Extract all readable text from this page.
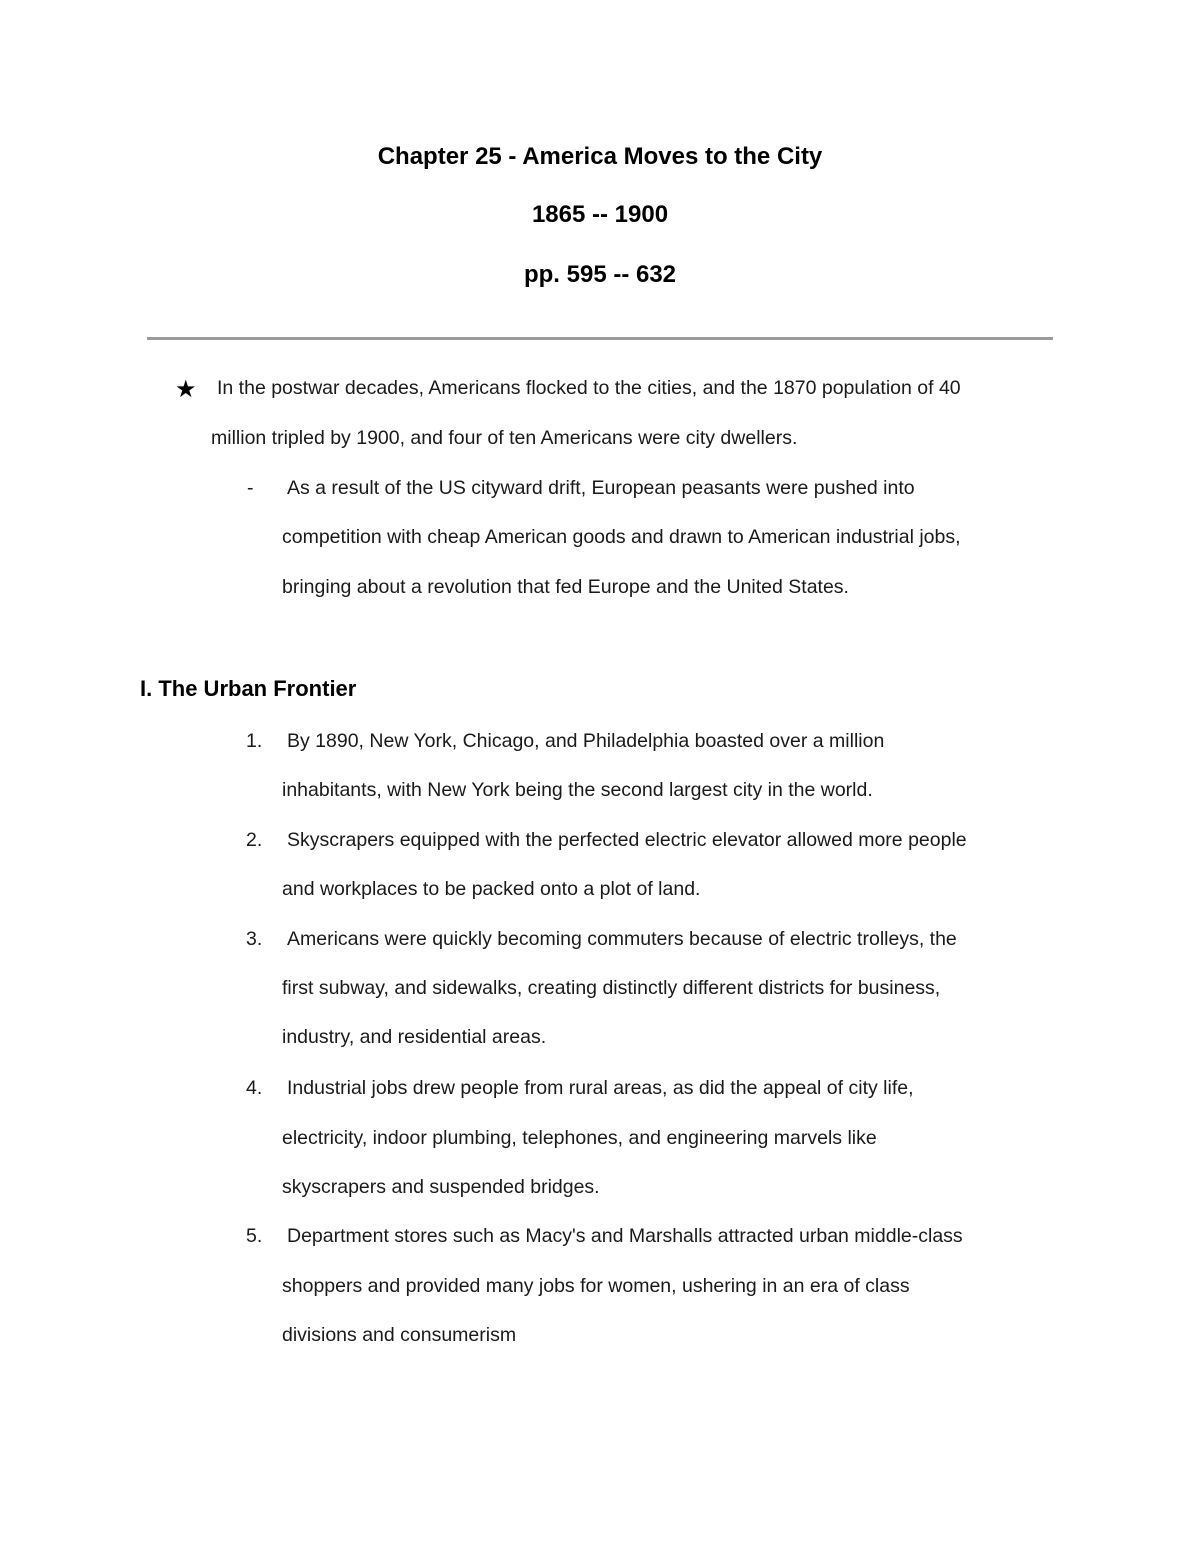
Chapter 25 - America Moves to the City
1865 -- 1900
pp. 595 -- 632
★ In the postwar decades, Americans flocked to the cities, and the 1870 population of 40
million tripled by 1900, and four of ten Americans were city dwellers.
- As a result of the US cityward drift, European peasants were pushed into
competition with cheap American goods and drawn to American industrial jobs,
bringing about a revolution that fed Europe and the United States.
I. The Urban Frontier
1. By 1890, New York, Chicago, and Philadelphia boasted over a million
inhabitants, with New York being the second largest city in the world.
2. Skyscrapers equipped with the perfected electric elevator allowed more people
and workplaces to be packed onto a plot of land.
3. Americans were quickly becoming commuters because of electric trolleys, the
first subway, and sidewalks, creating distinctly different districts for business,
industry, and residential areas.
4. Industrial jobs drew people from rural areas, as did the appeal of city life,
electricity, indoor plumbing, telephones, and engineering marvels like
skyscrapers and suspended bridges.
5. Department stores such as Macy's and Marshalls attracted urban middle-class
shoppers and provided many jobs for women, ushering in an era of class
divisions and consumerism
